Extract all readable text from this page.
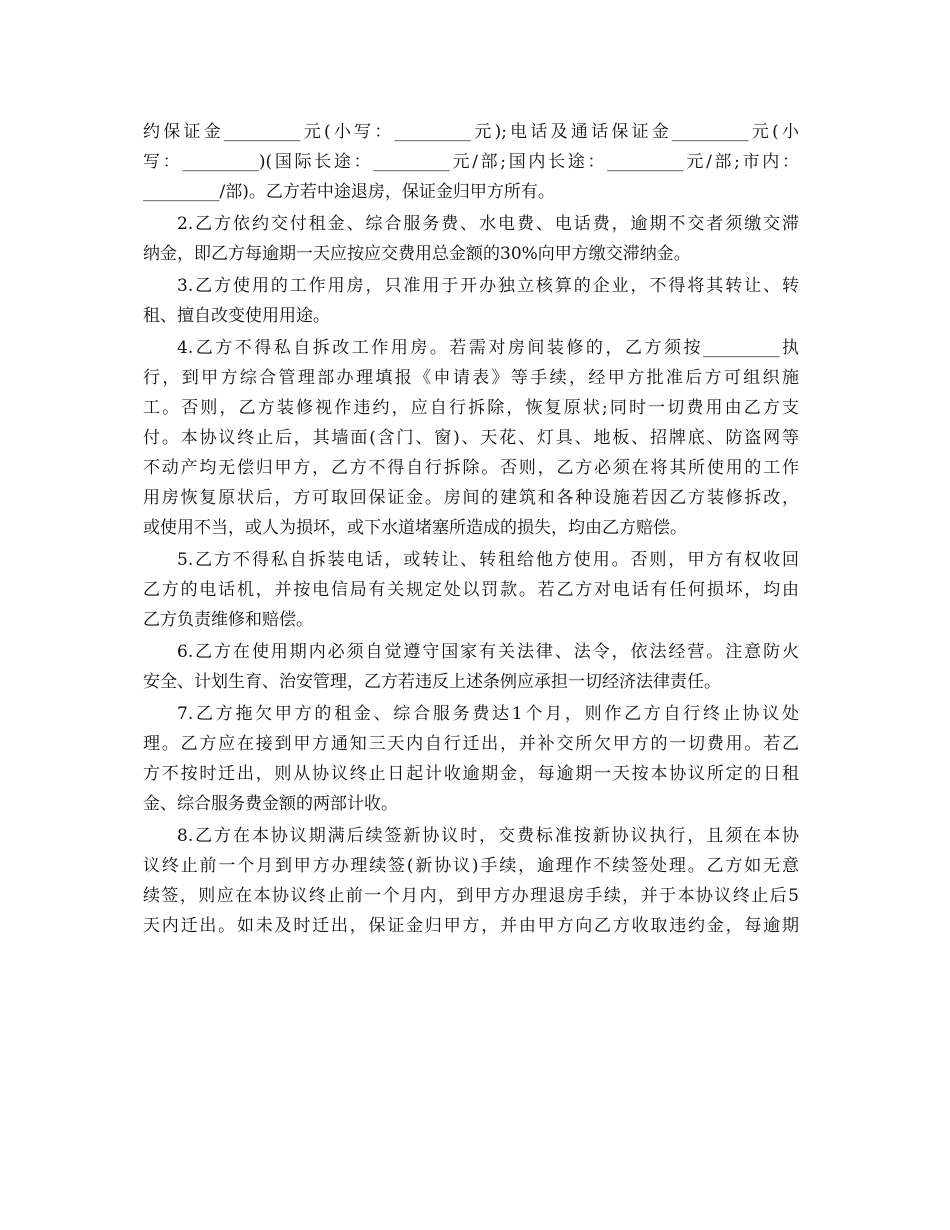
约保证金_________元(小写：_________元);电话及通话保证金_________元(小
写：_________)(国际长途：_________元/部;国内长途：_________元/部;市内：
_________/部)。乙方若中途退房，保证金归甲方所有。
2.乙方依约交付租金、综合服务费、水电费、电话费，逾期不交者须缴交滞
纳金，即乙方每逾期一天应按应交费用总金额的30%向甲方缴交滞纳金。
3.乙方使用的工作用房，只准用于开办独立核算的企业，不得将其转让、转
租、擅自改变使用用途。
4.乙方不得私自拆改工作用房。若需对房间装修的，乙方须按_________执
行，到甲方综合管理部办理填报《申请表》等手续，经甲方批准后方可组织施
工。否则，乙方装修视作违约，应自行拆除，恢复原状;同时一切费用由乙方支
付。本协议终止后，其墙面(含门、窗)、天花、灯具、地板、招牌底、防盗网等
不动产均无偿归甲方，乙方不得自行拆除。否则，乙方必须在将其所使用的工作
用房恢复原状后，方可取回保证金。房间的建筑和各种设施若因乙方装修拆改，
或使用不当，或人为损坏，或下水道堵塞所造成的损失，均由乙方赔偿。
5.乙方不得私自拆装电话，或转让、转租给他方使用。否则，甲方有权收回
乙方的电话机，并按电信局有关规定处以罚款。若乙方对电话有任何损坏，均由
乙方负责维修和赔偿。
6.乙方在使用期内必须自觉遵守国家有关法律、法令，依法经营。注意防火
安全、计划生育、治安管理，乙方若违反上述条例应承担一切经济法律责任。
7.乙方拖欠甲方的租金、综合服务费达1个月，则作乙方自行终止协议处
理。乙方应在接到甲方通知三天内自行迁出，并补交所欠甲方的一切费用。若乙
方不按时迁出，则从协议终止日起计收逾期金，每逾期一天按本协议所定的日租
金、综合服务费金额的两部计收。
8.乙方在本协议期满后续签新协议时，交费标准按新协议执行，且须在本协
议终止前一个月到甲方办理续签(新协议)手续，逾理作不续签处理。乙方如无意
续签，则应在本协议终止前一个月内，到甲方办理退房手续，并于本协议终止后5
天内迁出。如未及时迁出，保证金归甲方，并由甲方向乙方收取违约金，每逾期
